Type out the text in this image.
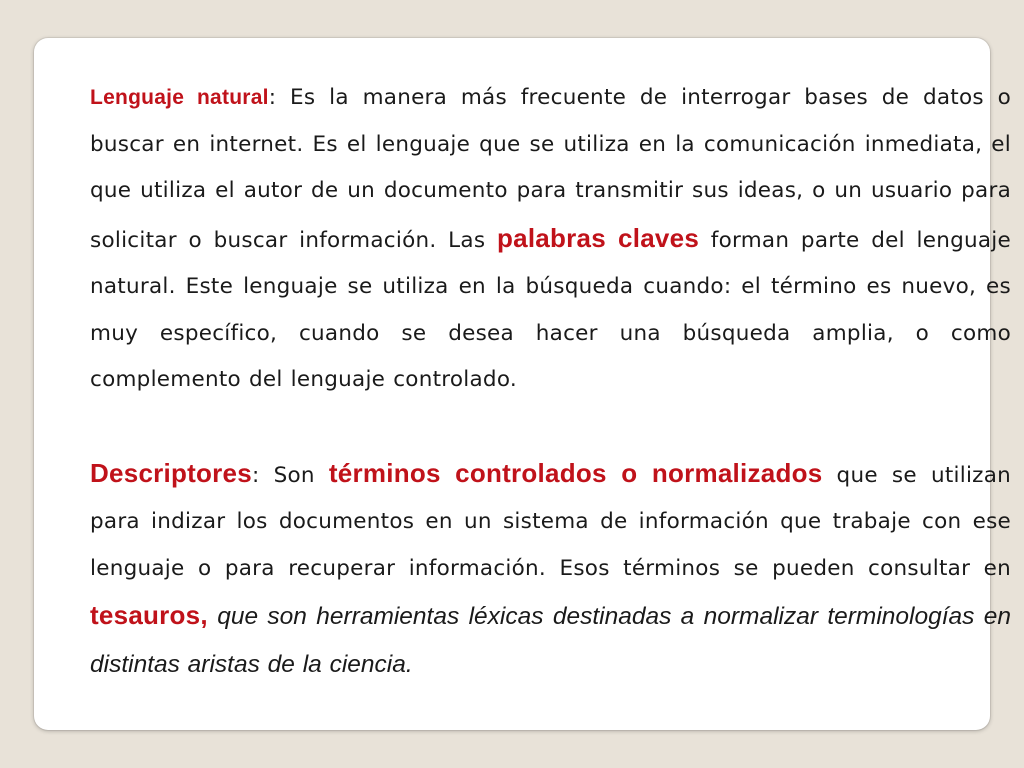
Lenguaje natural: Es la manera más frecuente de interrogar bases de datos o buscar en internet. Es el lenguaje que se utiliza en la comunicación inmediata, el que utiliza el autor de un documento para transmitir sus ideas, o un usuario para solicitar o buscar información. Las palabras claves forman parte del lenguaje natural. Este lenguaje se utiliza en la búsqueda cuando: el término es nuevo, es muy específico, cuando se desea hacer una búsqueda amplia, o como complemento del lenguaje controlado.

Descriptores: Son términos controlados o normalizados que se utilizan para indizar los documentos en un sistema de información que trabaje con ese lenguaje o para recuperar información. Esos términos se pueden consultar en tesauros, que son herramientas léxicas destinadas a normalizar terminologías en distintas aristas de la ciencia.
